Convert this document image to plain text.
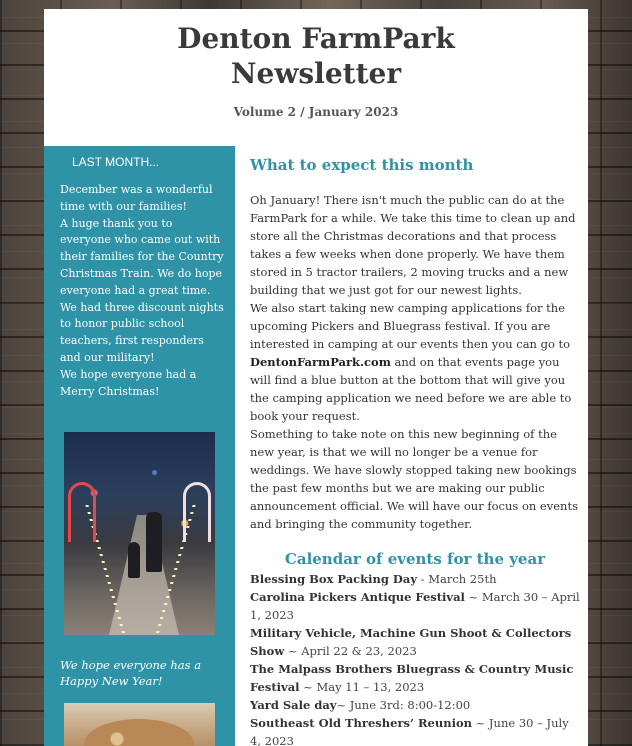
Denton FarmPark
Newsletter
Volume 2 / January 2023
LAST MONTH...
December was a wonderful time with our families!
A huge thank you to everyone who came out with their families for the Country Christmas Train. We do hope everyone had a great time.
We had three discount nights to honor public school teachers, first responders and our military!
We hope everyone had a Merry Christmas!
We hope everyone has a Happy New Year!
What to expect this month

Oh January! There isn't much the public can do at the FarmPark for a while. We take this time to clean up and store all the Christmas decorations and that process takes a few weeks when done properly. We have them stored in 5 tractor trailers, 2 moving trucks and a new building that we just got for our newest lights.

We also start taking new camping applications for the upcoming Pickers and Bluegrass festival. If you are interested in camping at our events then you can go to DentonFarmPark.com and on that events page you will find a blue button at the bottom that will give you the camping application we need before we are able to book your request.

Something to take note on this new beginning of the new year, is that we will no longer be a venue for weddings. We have slowly stopped taking new bookings the past few months but we are making our public announcement official. We will have our focus on events and bringing the community together.

Calendar of events for the year
Blessing Box Packing Day - March 25th
Carolina Pickers Antique Festival ~ March 30 – April 1, 2023
Military Vehicle, Machine Gun Shoot & Collectors Show ~ April 22 & 23, 2023
The Malpass Brothers Bluegrass & Country Music Festival ~ May 11 – 13, 2023
Yard Sale day~ June 3rd: 8:00-12:00
Southeast Old Threshers’ Reunion ~ June 30 – July 4, 2023
